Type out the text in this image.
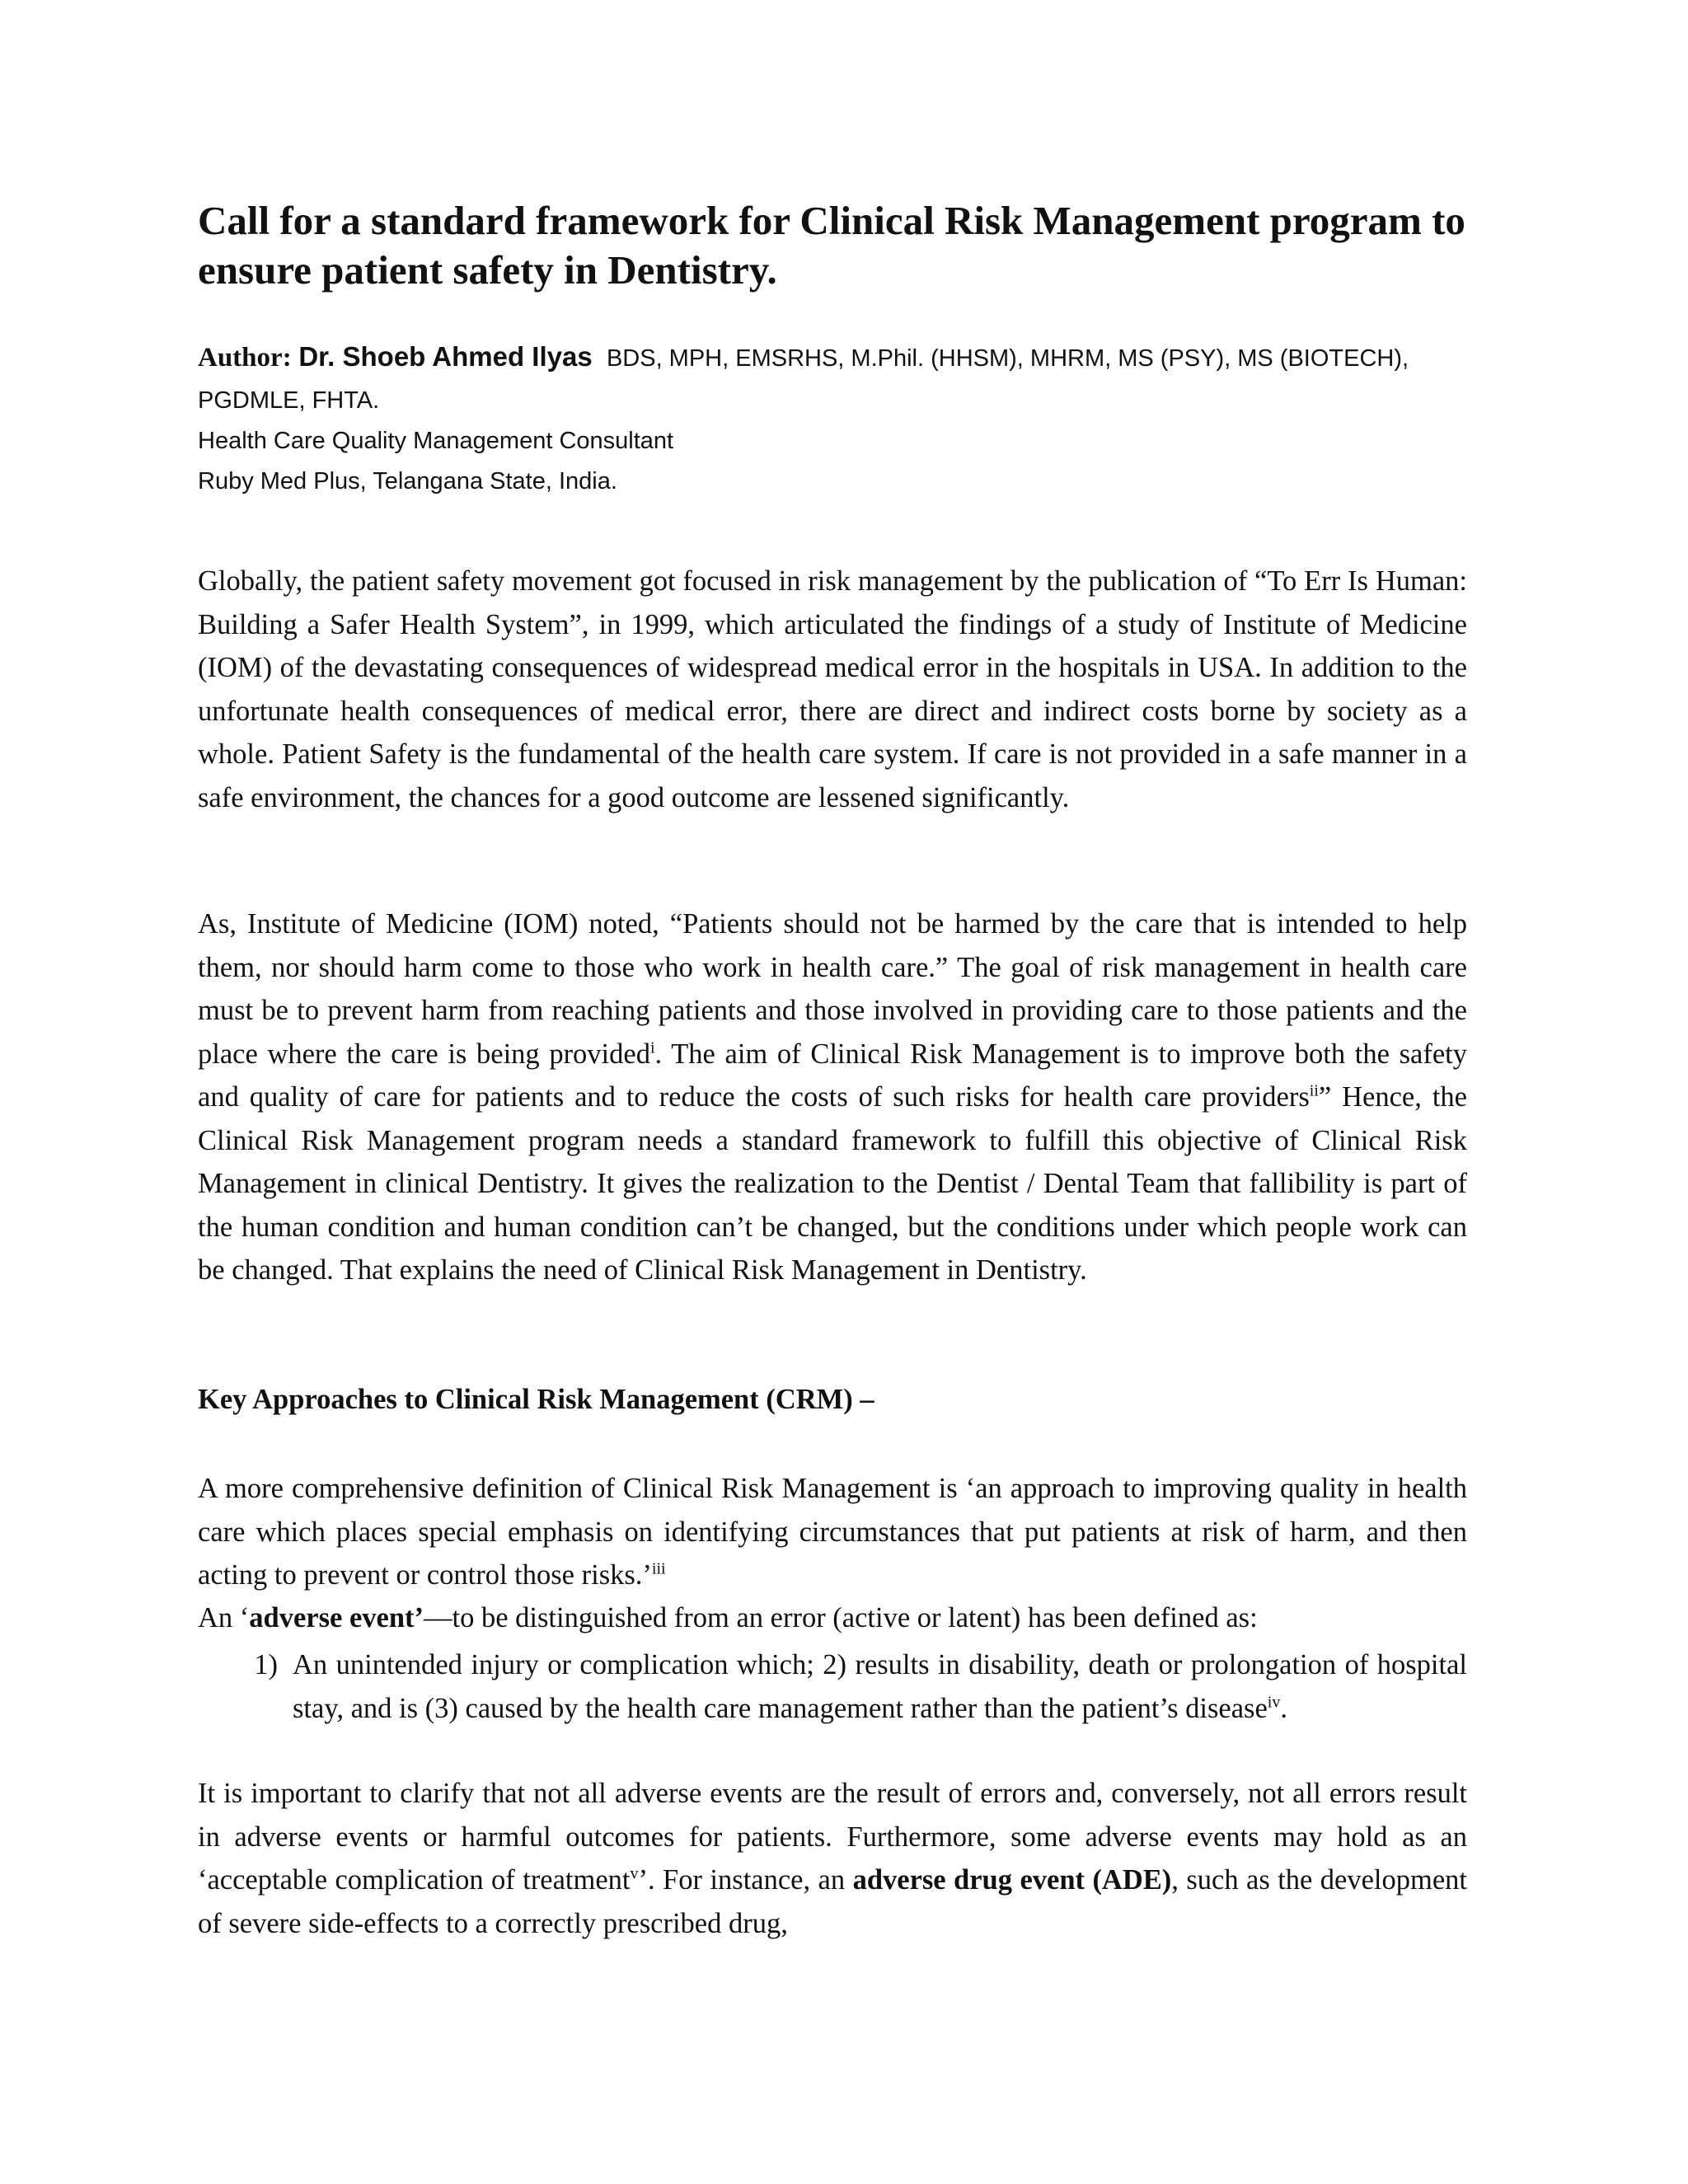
Call for a standard framework for Clinical Risk Management program to ensure patient safety in Dentistry.
Author: Dr. Shoeb Ahmed Ilyas BDS, MPH, EMSRHS, M.Phil. (HHSM), MHRM, MS (PSY), MS (BIOTECH), PGDMLE, FHTA.
Health Care Quality Management Consultant
Ruby Med Plus, Telangana State, India.

Globally, the patient safety movement got focused in risk management by the publication of “To Err Is Human: Building a Safer Health System”, in 1999, which articulated the findings of a study of Institute of Medicine (IOM) of the devastating consequences of widespread medical error in the hospitals in USA. In addition to the unfortunate health consequences of medical error, there are direct and indirect costs borne by society as a whole. Patient Safety is the fundamental of the health care system. If care is not provided in a safe manner in a safe environment, the chances for a good outcome are lessened significantly.

As, Institute of Medicine (IOM) noted, “Patients should not be harmed by the care that is intended to help them, nor should harm come to those who work in health care.” The goal of risk management in health care must be to prevent harm from reaching patients and those involved in providing care to those patients and the place where the care is being provided$^i$. The aim of Clinical Risk Management is to improve both the safety and quality of care for patients and to reduce the costs of such risks for health care providers$^{ii}$” Hence, the Clinical Risk Management program needs a standard framework to fulfill this objective of Clinical Risk Management in clinical Dentistry. It gives the realization to the Dentist / Dental Team that fallibility is part of the human condition and human condition can’t be changed, but the conditions under which people work can be changed. That explains the need of Clinical Risk Management in Dentistry.

Key Approaches to Clinical Risk Management (CRM) –

A more comprehensive definition of Clinical Risk Management is ‘an approach to improving quality in health care which places special emphasis on identifying circumstances that put patients at risk of harm, and then acting to prevent or control those risks.’$^{iii}$

An ‘adverse event’––to be distinguished from an error (active or latent) has been defined as:

1) An unintended injury or complication which; 2) results in disability, death or prolongation of hospital stay, and is (3) caused by the health care management rather than the patient’s disease$^{iv}$.

It is important to clarify that not all adverse events are the result of errors and, conversely, not all errors result in adverse events or harmful outcomes for patients. Furthermore, some adverse events may hold as an ‘acceptable complication of treatment$^v$’. For instance, an adverse drug event (ADE), such as the development of severe side-effects to a correctly prescribed drug,
